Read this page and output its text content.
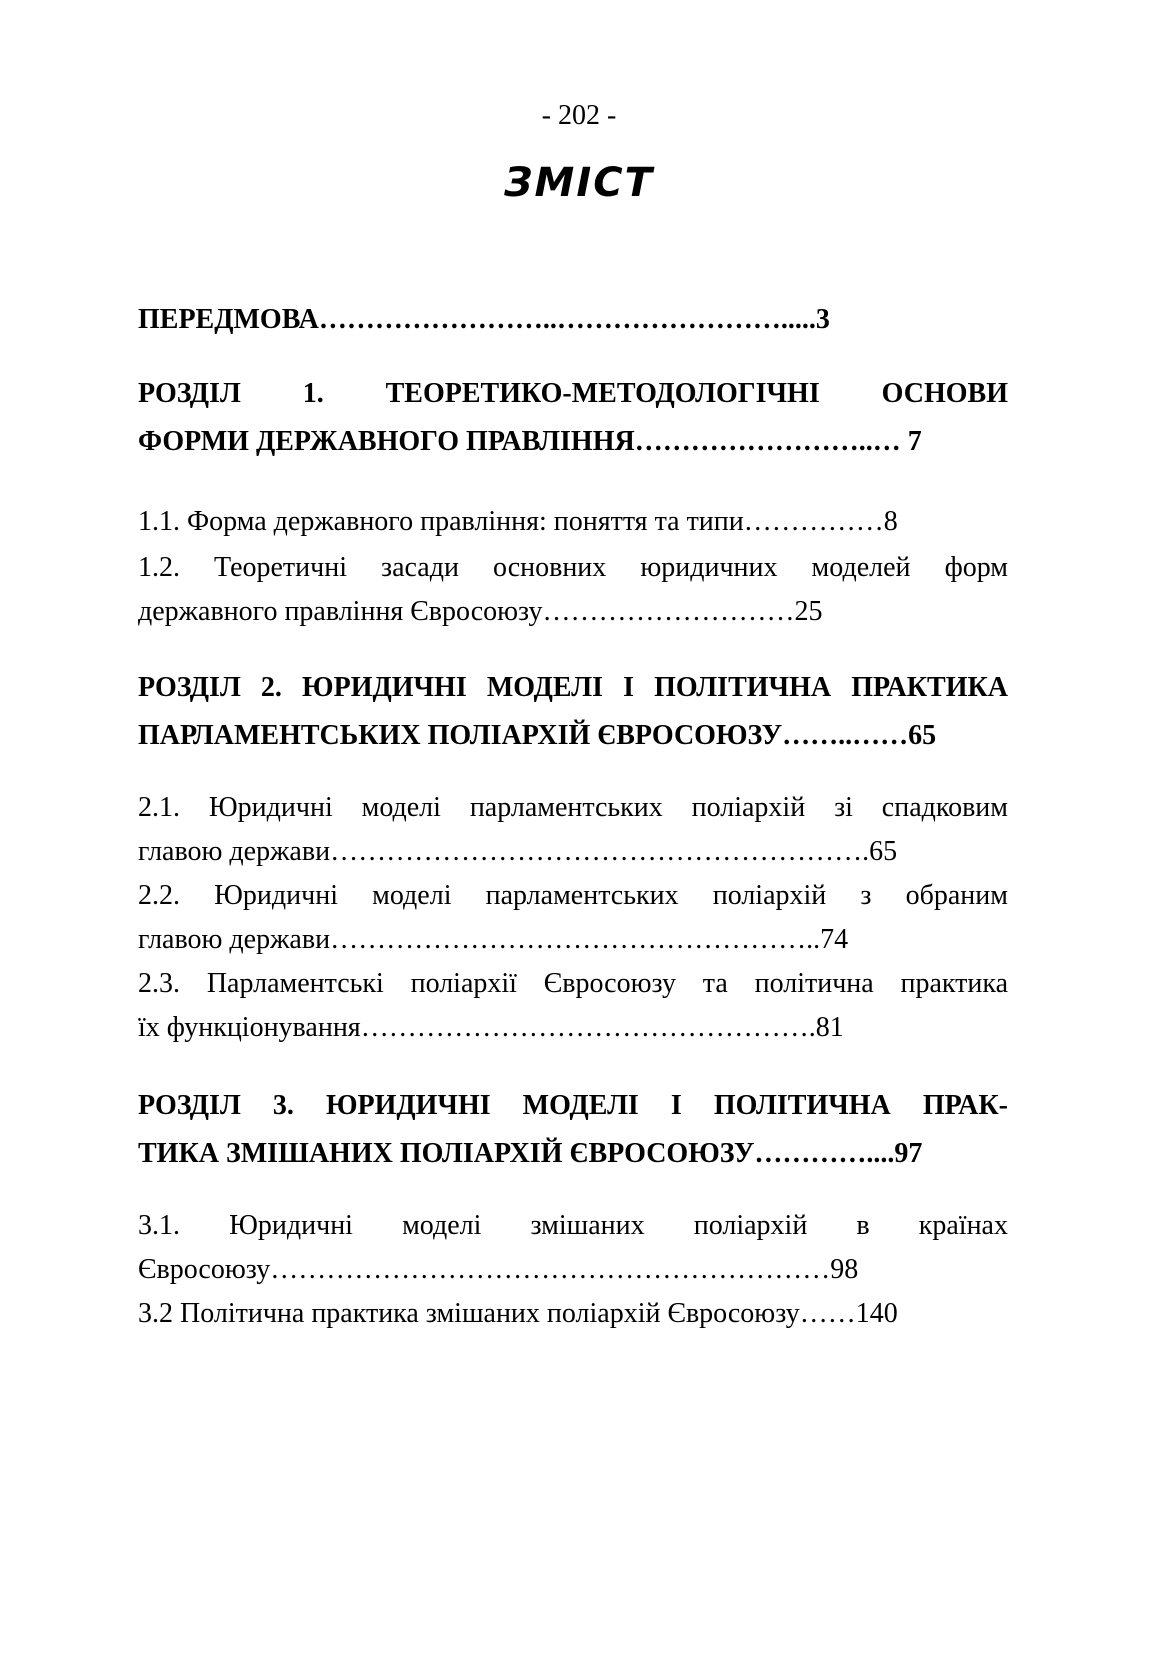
- 202 -
ЗМІСТ
ПЕРЕДМОВА……………………..…………………….....3
РОЗДІЛ 1. ТЕОРЕТИКО-МЕТОДОЛОГІЧНІ ОСНОВИ
ФОРМИ ДЕРЖАВНОГО ПРАВЛІННЯ……………………..… 7
1.1. Форма державного правління: поняття та типи……………8
1.2. Теоретичні засади основних юридичних моделей форм
державного правління Євросоюзу………………………25
РОЗДІЛ 2. ЮРИДИЧНІ МОДЕЛІ І ПОЛІТИЧНА ПРАКТИКА
ПАРЛАМЕНТСЬКИХ ПОЛІАРХІЙ ЄВРОСОЮЗУ……..……65
2.1. Юридичні моделі парламентських поліархій зі спадковим
главою держави………………………………………………….65
2.2. Юридичні моделі парламентських поліархій з обраним
главою держави……………………………………………..74
2.3. Парламентські поліархії Євросоюзу та політична практика
їх функціонування………………………………………….81
РОЗДІЛ 3. ЮРИДИЧНІ МОДЕЛІ І ПОЛІТИЧНА ПРАК-
ТИКА ЗМІШАНИХ ПОЛІАРХІЙ ЄВРОСОЮЗУ…………....97
3.1. Юридичні моделі змішаних поліархій в країнах
Євросоюзу……………………………………………………98
3.2 Політична практика змішаних поліархій Євросоюзу……140
